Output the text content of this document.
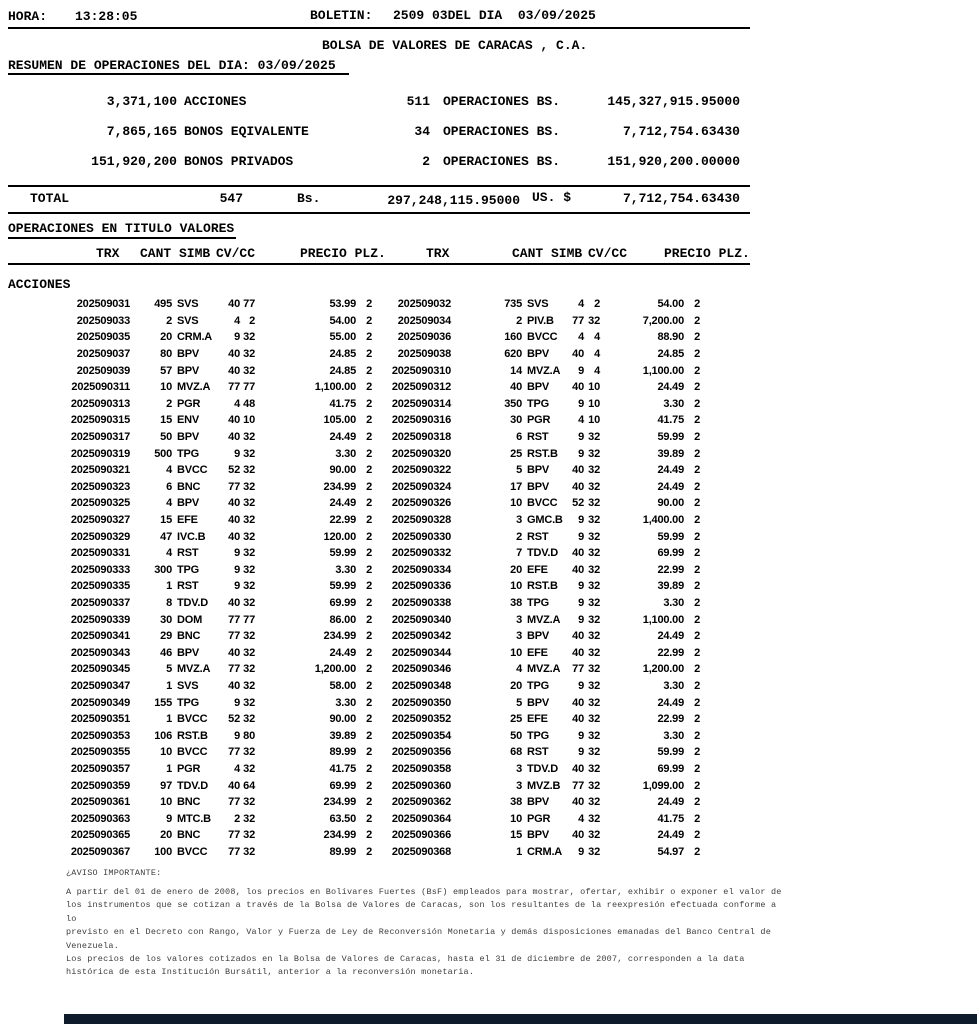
HORA: 13:28:05	BOLETIN: 2509 03DEL DIA  03/09/2025
BOLSA DE VALORES DE CARACAS , C.A.
RESUMEN DE OPERACIONES DEL DIA: 03/09/2025
3,371,100 ACCIONES	511 OPERACIONES BS.	145,327,915.95000
7,865,165 BONOS EQIVALENTE	34 OPERACIONES BS.	7,712,754.63430
151,920,200 BONOS PRIVADOS	2 OPERACIONES BS.	151,920,200.00000
TOTAL	547	Bs.	297,248,115.95000 US. $	7,712,754.63430
OPERACIONES EN TITULO VALORES
TRX CANT SIMB CV/CC	PRECIO PLZ.	TRX	CANT SIMB CV/CC	PRECIO PLZ.
ACCIONES
202509031	495 SVS	40 77	53.99 2	202509032	735 SVS	4 2	54.00 2
202509033	2 SVS	4 2	54.00 2	202509034	2 PIV.B	77 32	7,200.00 2
202509035	20 CRM.A	9 32	55.00 2	202509036	160 BVCC	4 4	88.90 2
202509037	80 BPV	40 32	24.85 2	202509038	620 BPV	40 4	24.85 2
202509039	57 BPV	40 32	24.85 2	2025090310	14 MVZ.A	9 4	1,100.00 2
2025090311	10 MVZ.A	77 77	1,100.00 2	2025090312	40 BPV	40 10	24.49 2
2025090313	2 PGR	4 48	41.75 2	2025090314	350 TPG	9 10	3.30 2
2025090315	15 ENV	40 10	105.00 2	2025090316	30 PGR	4 10	41.75 2
2025090317	50 BPV	40 32	24.49 2	2025090318	6 RST	9 32	59.99 2
2025090319	500 TPG	9 32	3.30 2	2025090320	25 RST.B	9 32	39.89 2
2025090321	4 BVCC	52 32	90.00 2	2025090322	5 BPV	40 32	24.49 2
2025090323	6 BNC	77 32	234.99 2	2025090324	17 BPV	40 32	24.49 2
2025090325	4 BPV	40 32	24.49 2	2025090326	10 BVCC	52 32	90.00 2
2025090327	15 EFE	40 32	22.99 2	2025090328	3 GMC.B	9 32	1,400.00 2
2025090329	47 IVC.B	40 32	120.00 2	2025090330	2 RST	9 32	59.99 2
2025090331	4 RST	9 32	59.99 2	2025090332	7 TDV.D	40 32	69.99 2
2025090333	300 TPG	9 32	3.30 2	2025090334	20 EFE	40 32	22.99 2
2025090335	1 RST	9 32	59.99 2	2025090336	10 RST.B	9 32	39.89 2
2025090337	8 TDV.D	40 32	69.99 2	2025090338	38 TPG	9 32	3.30 2
2025090339	30 DOM	77 77	86.00 2	2025090340	3 MVZ.A	9 32	1,100.00 2
2025090341	29 BNC	77 32	234.99 2	2025090342	3 BPV	40 32	24.49 2
2025090343	46 BPV	40 32	24.49 2	2025090344	10 EFE	40 32	22.99 2
2025090345	5 MVZ.A	77 32	1,200.00 2	2025090346	4 MVZ.A	77 32	1,200.00 2
2025090347	1 SVS	40 32	58.00 2	2025090348	20 TPG	9 32	3.30 2
2025090349	155 TPG	9 32	3.30 2	2025090350	5 BPV	40 32	24.49 2
2025090351	1 BVCC	52 32	90.00 2	2025090352	25 EFE	40 32	22.99 2
2025090353	106 RST.B	9 80	39.89 2	2025090354	50 TPG	9 32	3.30 2
2025090355	10 BVCC	77 32	89.99 2	2025090356	68 RST	9 32	59.99 2
2025090357	1 PGR	4 32	41.75 2	2025090358	3 TDV.D	40 32	69.99 2
2025090359	97 TDV.D	40 64	69.99 2	2025090360	3 MVZ.B	77 32	1,099.00 2
2025090361	10 BNC	77 32	234.99 2	2025090362	38 BPV	40 32	24.49 2
2025090363	9 MTC.B	2 32	63.50 2	2025090364	10 PGR	4 32	41.75 2
2025090365	20 BNC	77 32	234.99 2	2025090366	15 BPV	40 32	24.49 2
2025090367	100 BVCC	77 32	89.99 2	2025090368	1 CRM.A	9 32	54.97 2
¿AVISO IMPORTANTE:
A partir del 01 de enero de 2008, los precios en Bolívares Fuertes (BsF) empleados para mostrar, ofertar, exhibir o exponer el valor de
los instrumentos que se cotizan a través de la Bolsa de Valores de Caracas, son los resultantes de la reexpresión efectuada conforme a lo
previsto en el Decreto con Rango, Valor y Fuerza de Ley de Reconversión Monetaria y demás disposiciones emanadas del Banco Central de
Venezuela.
Los precios de los valores cotizados en la Bolsa de Valores de Caracas, hasta el 31 de diciembre de 2007, corresponden a la data
histórica de esta Institución Bursátil, anterior a la reconversión monetaria.
